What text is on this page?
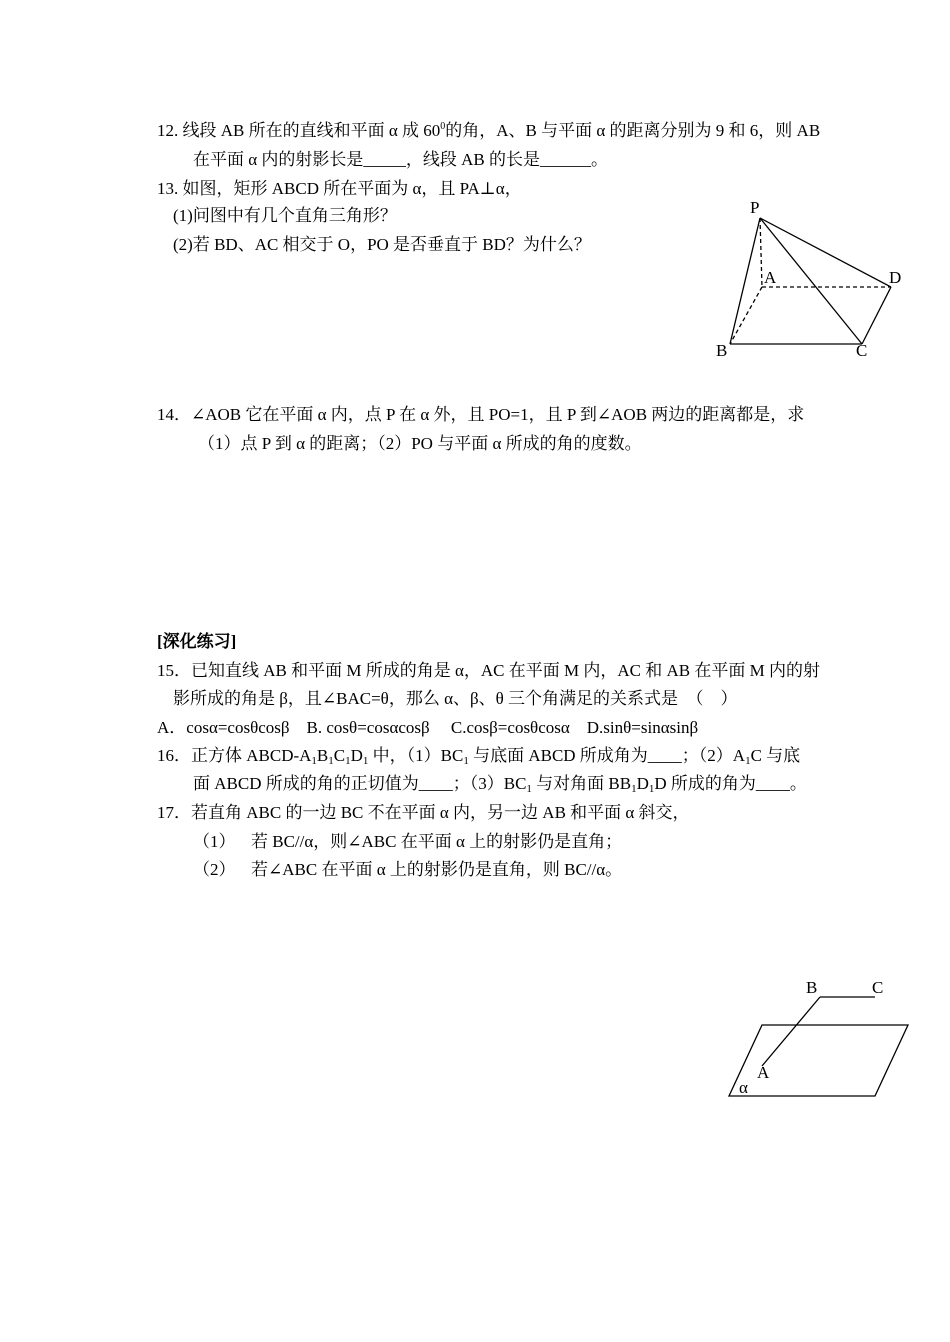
12. 线段 AB 所在的直线和平面 α 成 $60^0$的角，A、B 与平面 α 的距离分别为 9 和 6，则 AB
在平面 α 内的射影长是_____，线段 AB 的长是______。
13. 如图，矩形 ABCD 所在平面为 α，且 PA⊥α，
(1)问图中有几个直角三角形？
(2)若 BD、AC 相交于 O，PO 是否垂直于 BD？为什么？
P
A
B	C
D
14．∠AOB 它在平面 α 内，点 P 在 α 外，且 PO=1，且 P 到∠AOB 两边的距离都是，求
（1）点 P 到 α 的距离；（2）PO 与平面 α 所成的角的度数。
[深化练习]
15．已知直线 AB 和平面 M 所成的角是 α，AC 在平面 M 内，AC 和 AB 在平面 M 内的射
影所成的角是 β，且∠BAC=θ，那么 α、β、θ 三个角满足的关系式是　（　）
A．cosα=cosθcosβ　B. cosθ=cosαcosβ　 C.cosβ=cosθcosα　D.sinθ=sinαsinβ
16．正方体 ABCD-$A_1B_1C_1D_1$ 中，$(1)BC_1$ 与底面 ABCD 所成角为____；$(2)A_1C$ 与底
面 ABCD 所成的角的正切值为____；$(3)BC_1$ 与对角面 $BB_1D_1D$ 所成的角为____。
17．若直角 ABC 的一边 BC 不在平面 α 内，另一边 AB 和平面 α 斜交，
（1） 若 BC//α，则∠ABC 在平面 α 上的射影仍是直角；
（2） 若∠ABC 在平面 α 上的射影仍是直角，则 BC//α。
B	C
A
α
